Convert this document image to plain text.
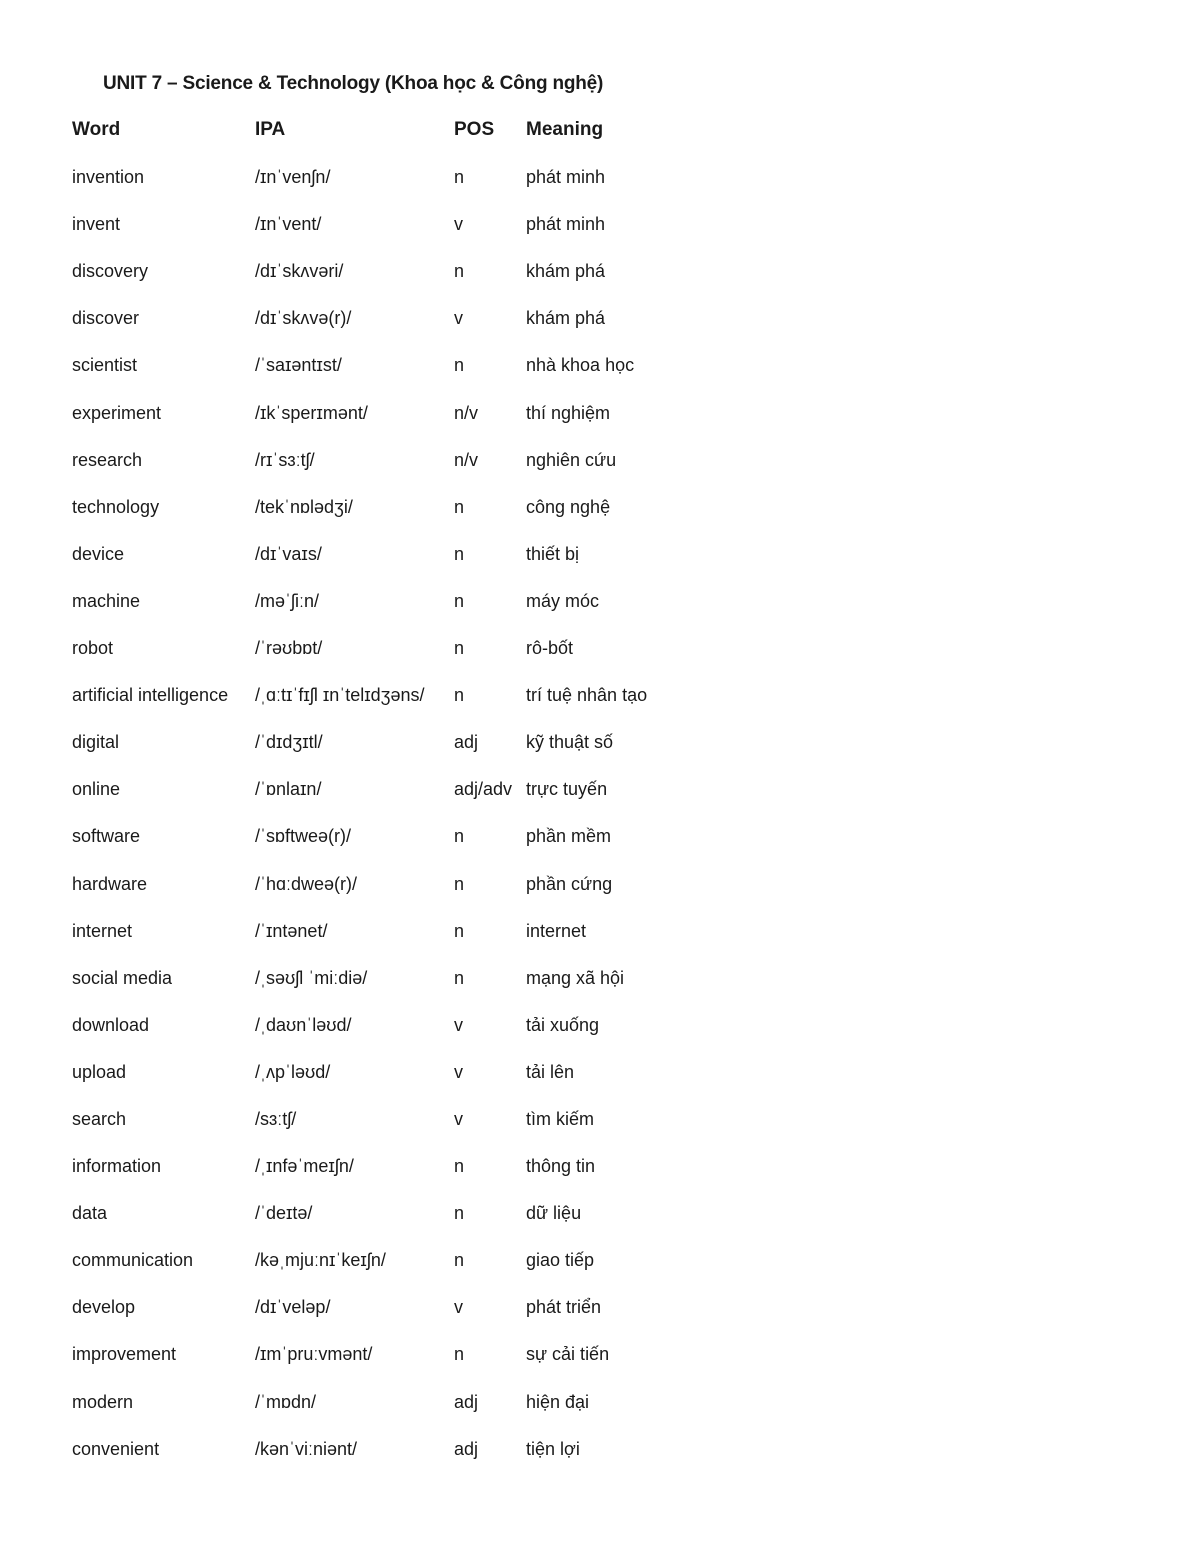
UNIT 7 – Science & Technology (Khoa học & Công nghệ)
Word	IPA	POS Meaning
invention	/ɪnˈvenʃn/	n	phát minh
invent	/ɪnˈvent/	v	phát minh
discovery	/dɪˈskʌvəri/	n	khám phá
discover	/dɪˈskʌvə(r)/	v	khám phá
scientist	/ˈsaɪəntɪst/	n	nhà khoa học
experiment	/ɪkˈsperɪmənt/	n/v	thí nghiệm
research	/rɪˈsɜːtʃ/	n/v	nghiên cứu
technology	/tekˈnɒlədʒi/	n	công nghệ
device	/dɪˈvaɪs/	n	thiết bị
machine	/məˈʃiːn/	n	máy móc
robot	/ˈrəʊbɒt/	n	rô-bốt
artificial intelligence /ˌɑːtɪˈfɪʃl ɪnˈtelɪdʒəns/ n	trí tuệ nhân tạo
digital	/ˈdɪdʒɪtl/	adj	kỹ thuật số
online	/ˈɒnlaɪn/	adj/adv trực tuyến
software	/ˈsɒftweə(r)/	n	phần mềm
hardware	/ˈhɑːdweə(r)/	n	phần cứng
internet	/ˈɪntənet/	n	internet
social media	/ˌsəʊʃl ˈmiːdiə/	n	mạng xã hội
download	/ˌdaʊnˈləʊd/	v	tải xuống
upload	/ˌʌpˈləʊd/	v	tải lên
search	/sɜːtʃ/	v	tìm kiếm
information	/ˌɪnfəˈmeɪʃn/	n	thông tin
data	/ˈdeɪtə/	n	dữ liệu
communication	/kəˌmjuːnɪˈkeɪʃn/	n	giao tiếp
develop	/dɪˈveləp/	v	phát triển
improvement	/ɪmˈpruːvmənt/	n	sự cải tiến
modern	/ˈmɒdn/	adj	hiện đại
convenient	/kənˈviːniənt/	adj	tiện lợi
